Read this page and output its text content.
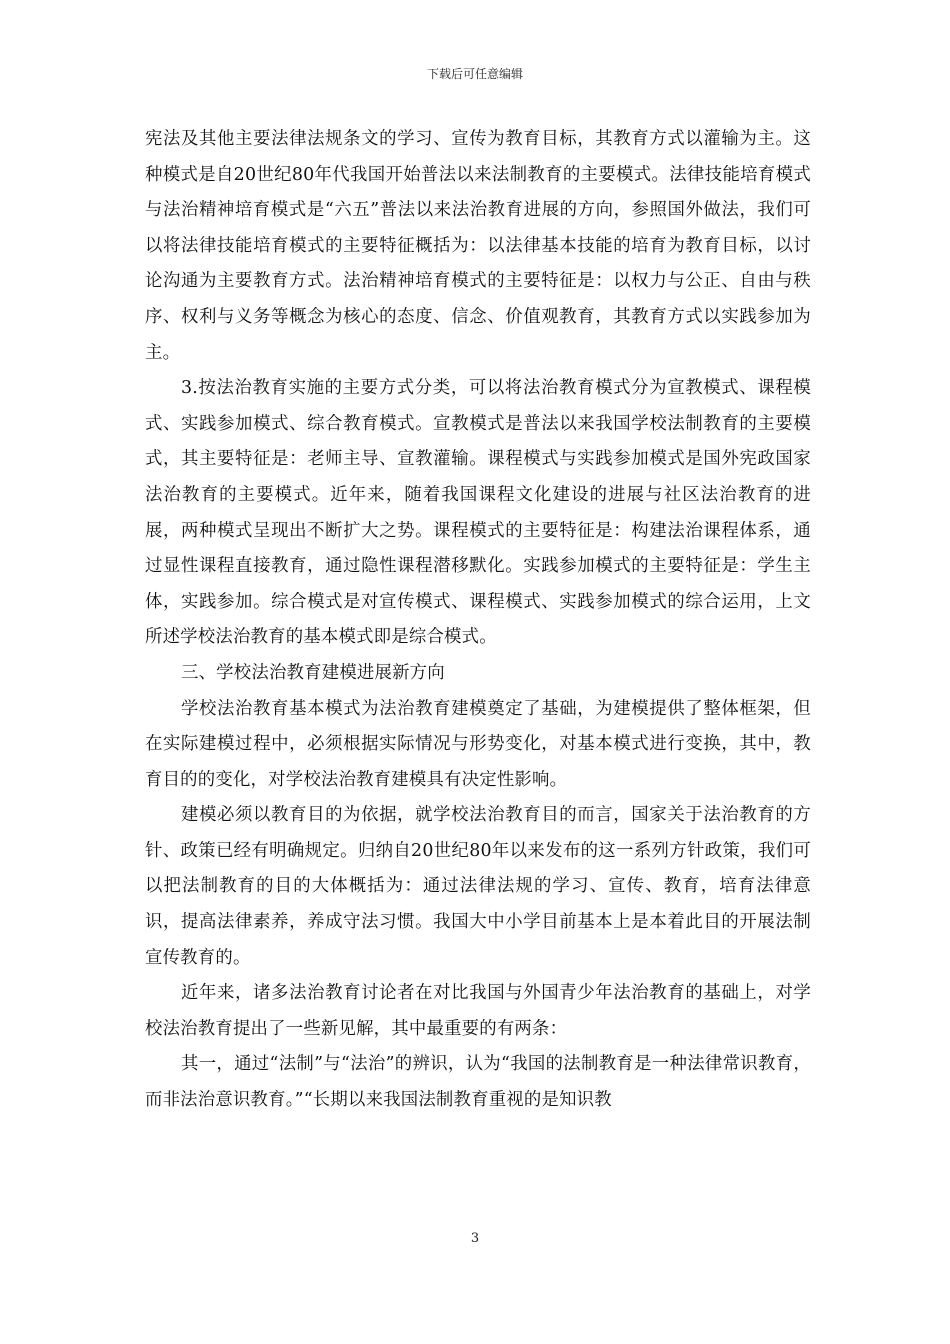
下载后可任意编辑

宪法及其他主要法律法规条文的学习、宣传为教育目标，其教育方式以灌输为主。这种模式是自20世纪80年代我国开始普法以来法制教育的主要模式。法律技能培育模式与法治精神培育模式是“六五”普法以来法治教育进展的方向，参照国外做法，我们可以将法律技能培育模式的主要特征概括为：以法律基本技能的培育为教育目标，以讨论沟通为主要教育方式。法治精神培育模式的主要特征是：以权力与公正、自由与秩序、权利与义务等概念为核心的态度、信念、价值观教育，其教育方式以实践参加为主。

3.按法治教育实施的主要方式分类，可以将法治教育模式分为宣教模式、课程模式、实践参加模式、综合教育模式。宣教模式是普法以来我国学校法制教育的主要模式，其主要特征是：老师主导、宣教灌输。课程模式与实践参加模式是国外宪政国家法治教育的主要模式。近年来，随着我国课程文化建设的进展与社区法治教育的进展，两种模式呈现出不断扩大之势。课程模式的主要特征是：构建法治课程体系，通过显性课程直接教育，通过隐性课程潜移默化。实践参加模式的主要特征是：学生主体，实践参加。综合模式是对宣传模式、课程模式、实践参加模式的综合运用，上文所述学校法治教育的基本模式即是综合模式。

三、学校法治教育建模进展新方向

学校法治教育基本模式为法治教育建模奠定了基础，为建模提供了整体框架，但在实际建模过程中，必须根据实际情况与形势变化，对基本模式进行变换，其中，教育目的的变化，对学校法治教育建模具有决定性影响。

建模必须以教育目的为依据，就学校法治教育目的而言，国家关于法治教育的方针、政策已经有明确规定。归纳自20世纪80年以来发布的这一系列方针政策，我们可以把法制教育的目的大体概括为：通过法律法规的学习、宣传、教育，培育法律意识，提高法律素养，养成守法习惯。我国大中小学目前基本上是本着此目的开展法制宣传教育的。

近年来，诸多法治教育讨论者在对比我国与外国青少年法治教育的基础上，对学校法治教育提出了一些新见解，其中最重要的有两条：

其一，通过“法制”与“法治”的辨识，认为“我国的法制教育是一种法律常识教育，而非法治意识教育。”“长期以来我国法制教育重视的是知识教

3
